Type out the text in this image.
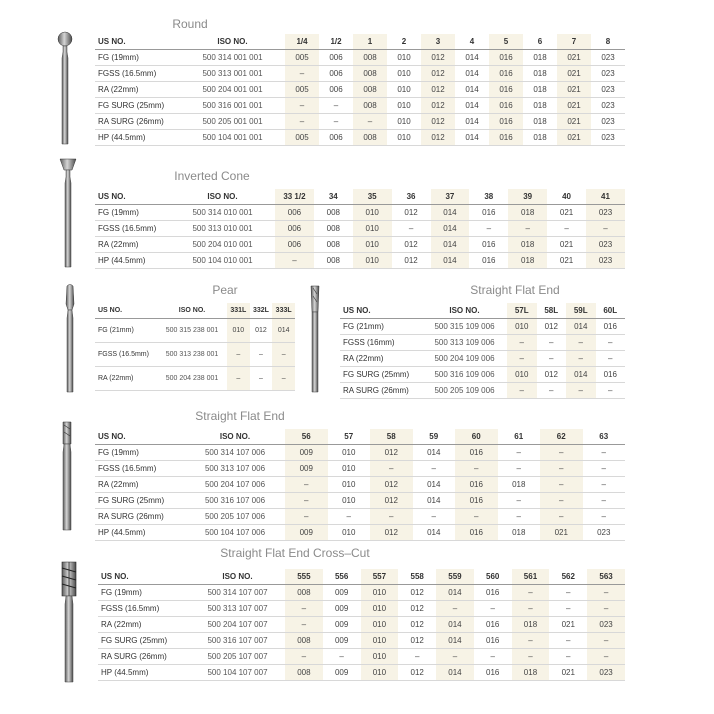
Round
Inverted Cone
Pear	Straight Flat End
Straight Flat End
Straight Flat End Cross–Cut
US NO.	ISO NO.	1/4	1/2	1	2	3	4	5	6	7	8
FG (19mm)	500 314 001 001	005	006	008	010	012	014	016	018	021	023
FGSS (16.5mm)	500 313 001 001	–	006	008	010	012	014	016	018	021	023
RA (22mm)	500 204 001 001	005	006	008	010	012	014	016	018	021	023
FG SURG (25mm)	500 316 001 001	–	–	008	010	012	014	016	018	021	023
RA SURG (26mm)	500 205 001 001	–	–	–	010	012	014	016	018	021	023
HP (44.5mm)	500 104 001 001	005	006	008	010	012	014	016	018	021	023
US NO.	ISO NO.	33 1/2	34	35	36	37	38	39	40	41
FG (19mm)	500 314 010 001	006	008	010	012	014	016	018	021	023
FGSS (16.5mm)	500 313 010 001	006	008	010	–	014	–	–	–	–
RA (22mm)	500 204 010 001	006	008	010	012	014	016	018	021	023
HP (44.5mm)	500 104 010 001	–	008	010	012	014	016	018	021	023
US NO.	ISO NO.	331L	332L	333L
FG (21mm)	500 315 238 001	010	012	014
FGSS (16.5mm)	500 313 238 001	–	–	–
RA (22mm)	500 204 238 001	–	–	–
US NO.	ISO NO.	57L	58L	59L	60L
FG (21mm)	500 315 109 006	010	012	014	016
FGSS (16mm)	500 313 109 006	–	–	–	–
RA (22mm)	500 204 109 006	–	–	–	–
FG SURG (25mm)	500 316 109 006	010	012	014	016
RA SURG (26mm)	500 205 109 006	–	–	–	–
US NO.	ISO NO.	56	57	58	59	60	61	62	63
FG (19mm)	500 314 107 006	009	010	012	014	016	–	–	–
FGSS (16.5mm)	500 313 107 006	009	010	–	–	–	–	–	–
RA (22mm)	500 204 107 006	–	010	012	014	016	018	–	–
FG SURG (25mm)	500 316 107 006	–	010	012	014	016	–	–	–
RA SURG (26mm)	500 205 107 006	–	–	–	–	–	–	–	–
HP (44.5mm)	500 104 107 006	009	010	012	014	016	018	021	023
US NO.	ISO NO.	555	556	557	558	559	560	561	562	563
FG (19mm)	500 314 107 007	008	009	010	012	014	016	–	–	–
FGSS (16.5mm)	500 313 107 007	–	009	010	012	–	–	–	–	–
RA (22mm)	500 204 107 007	–	009	010	012	014	016	018	021	023
FG SURG (25mm)	500 316 107 007	008	009	010	012	014	016	–	–	–
RA SURG (26mm)	500 205 107 007	–	–	010	–	–	–	–	–	–
HP (44.5mm)	500 104 107 007	008	009	010	012	014	016	018	021	023
